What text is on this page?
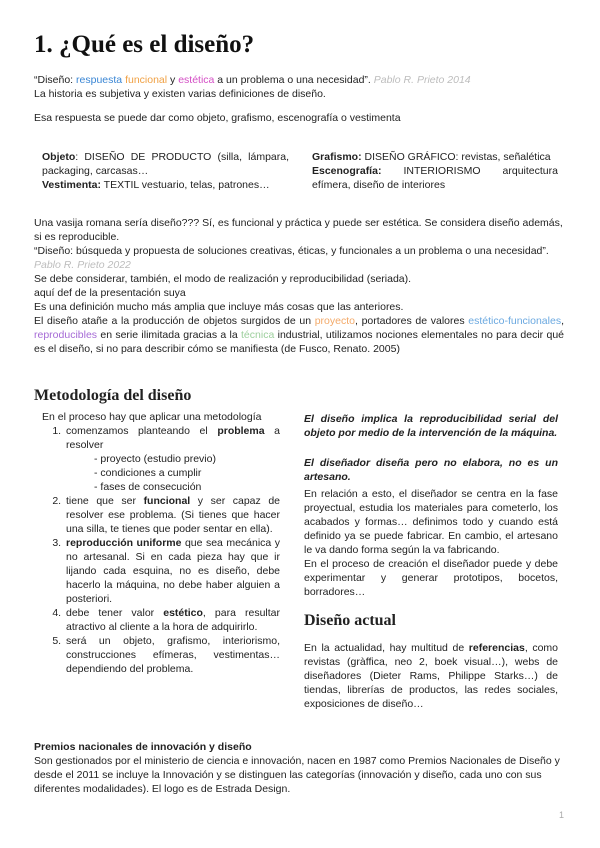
1. ¿Qué es el diseño?

“Diseño: respuesta funcional y estética a un problema o una necesidad”. Pablo R. Prieto 2014

La historia es subjetiva y existen varias definiciones de diseño.

Esa respuesta se puede dar como objeto, grafismo, escenografía o vestimenta

Objeto: DISEÑO DE PRODUCTO (silla, lámpara, packaging, carcasas…

Vestimenta: TEXTIL vestuario, telas, patrones…

Grafismo: DISEÑO GRÁFICO: revistas, señalética

Escenografía: INTERIORISMO arquitectura efímera, diseño de interiores

Una vasija romana sería diseño??? Sí, es funcional y práctica y puede ser estética. Se considera diseño además, si es reproducible.

“Diseño: búsqueda y propuesta de soluciones creativas, éticas, y funcionales a un problema o una necesidad”. Pablo R. Prieto 2022

Se debe considerar, también, el modo de realización y reproducibilidad (seriada).

aquí def de la presentación suya

Es una definición mucho más amplia que incluye más cosas que las anteriores.

El diseño atañe a la producción de objetos surgidos de un proyecto, portadores de valores estético-funcionales, reproducibles en serie ilimitada gracias a la técnica industrial, utilizamos nociones elementales no para decir qué es el diseño, si no para describir cómo se manifiesta (de Fusco, Renato. 2005)

Metodología del diseño

En el proceso hay que aplicar una metodología

1. comenzamos planteando el problema a resolver
- proyecto (estudio previo)
- condiciones a cumplir
- fases de consecución
2. tiene que ser funcional y ser capaz de resolver ese problema. (Si tienes que hacer una silla, te tienes que poder sentar en ella).
3. reproducción uniforme que sea mecánica y no artesanal. Si en cada pieza hay que ir lijando cada esquina, no es diseño, debe hacerlo la máquina, no debe haber alguien a posteriori.
4. debe tener valor estético, para resultar atractivo al cliente a la hora de adquirirlo.
5. será un objeto, grafismo, interiorismo, construcciones efímeras, vestimentas… dependiendo del problema.

El diseño implica la reproducibilidad serial del objeto por medio de la intervención de la máquina.

El diseñador diseña pero no elabora, no es un artesano.

En relación a esto, el diseñador se centra en la fase proyectual, estudia los materiales para cometerlo, los acabados y formas… definimos todo y cuando está definido ya se puede fabricar. En cambio, el artesano le va dando forma según la va fabricando.

En el proceso de creación el diseñador puede y debe experimentar y generar prototipos, bocetos, borradores…

Diseño actual

En la actualidad, hay multitud de referencias, como revistas (gràffica, neo 2, boek visual…), webs de diseñadores (Dieter Rams, Philippe Starks…) de tiendas, librerías de productos, las redes sociales, exposiciones de diseño…

Premios nacionales de innovación y diseño

Son gestionados por el ministerio de ciencia e innovación, nacen en 1987 como Premios Nacionales de Diseño y desde el 2011 se incluye la Innovación y se distinguen las categorías (innovación y diseño, cada uno con sus diferentes modalidades). El logo es de Estrada Design.

1
